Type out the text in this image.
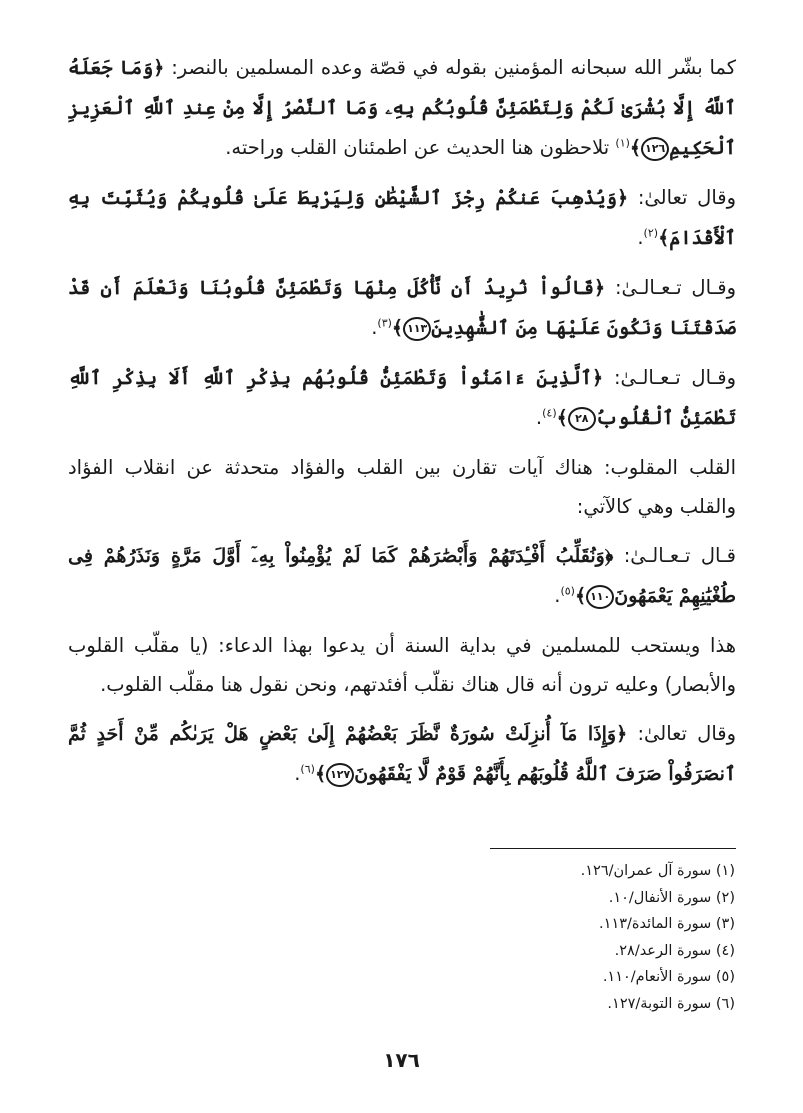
كما بشّر الله سبحانه المؤمنين بقوله في قصّة وعده المسلمين بالنصر: ﴿وَمَا جَعَلَهُ ٱللَّهُ إِلَّا بُشْرَىٰ لَكُمْ وَلِتَطْمَئِنَّ قُلُوبُكُم بِهِۦ وَمَا ٱلنَّصْرُ إِلَّا مِنْ عِندِ ٱللَّهِ ٱلْعَزِيزِ ٱلْحَكِيمِ١٢٦﴾$^{(١)}$ تلاحظون هنا الحديث عن اطمئنان القلب وراحته.

وقال تعالىٰ: ﴿وَيُذْهِبَ عَنكُمْ رِجْزَ ٱلشَّيْطَٰنِ وَلِيَرْبِطَ عَلَىٰ قُلُوبِكُمْ وَيُثَبِّتَ بِهِ ٱلْأَقْدَامَ﴾$^{(٢)}$.

وقـال تـعـالـىٰ: ﴿قَالُواْ نُرِيدُ أَن نَّأْكُلَ مِنْهَا وَتَطْمَئِنَّ قُلُوبُنَا وَنَعْلَمَ أَن قَدْ صَدَقْتَنَا وَنَكُونَ عَلَيْهَا مِنَ ٱلشَّٰهِدِينَ١١٣﴾$^{(٣)}$.

وقـال تـعـالـىٰ: ﴿ٱلَّذِينَ ءَامَنُواْ وَتَطْمَئِنُّ قُلُوبُهُم بِذِكْرِ ٱللَّهِ أَلَا بِذِكْرِ ٱللَّهِ تَطْمَئِنُّ ٱلْقُلُوبُ٢٨﴾$^{(٤)}$.

القلب المقلوب: هناك آيات تقارن بين القلب والفؤاد متحدثة عن انقلاب الفؤاد والقلب وهي كالآتي:

قـال تـعـالـىٰ: ﴿وَنُقَلِّبُ أَفْـِٔدَتَهُمْ وَأَبْصَٰرَهُمْ كَمَا لَمْ يُؤْمِنُواْ بِهِۦٓ أَوَّلَ مَرَّةٍ وَنَذَرُهُمْ فِى طُغْيَٰنِهِمْ يَعْمَهُونَ١١٠﴾$^{(٥)}$.

هذا ويستحب للمسلمين في بداية السنة أن يدعوا بهذا الدعاء: (يا مقلّب القلوب والأبصار) وعليه ترون أنه قال هناك نقلّب أفئدتهم، ونحن نقول هنا مقلّب القلوب.

وقال تعالىٰ: ﴿وَإِذَا مَآ أُنزِلَتْ سُورَةٌ نَّظَرَ بَعْضُهُمْ إِلَىٰ بَعْضٍ هَلْ يَرَىٰكُم مِّنْ أَحَدٍ ثُمَّ ٱنصَرَفُواْ صَرَفَ ٱللَّهُ قُلُوبَهُم بِأَنَّهُمْ قَوْمٌ لَّا يَفْقَهُونَ١٢٧﴾$^{(٦)}$.

(١) سورة آل عمران/١٢٦.
(٢) سورة الأنفال/١٠.
(٣) سورة المائدة/١١٣.
(٤) سورة الرعد/٢٨.
(٥) سورة الأنعام/١١٠.
(٦) سورة التوبة/١٢٧.
١٧٦
